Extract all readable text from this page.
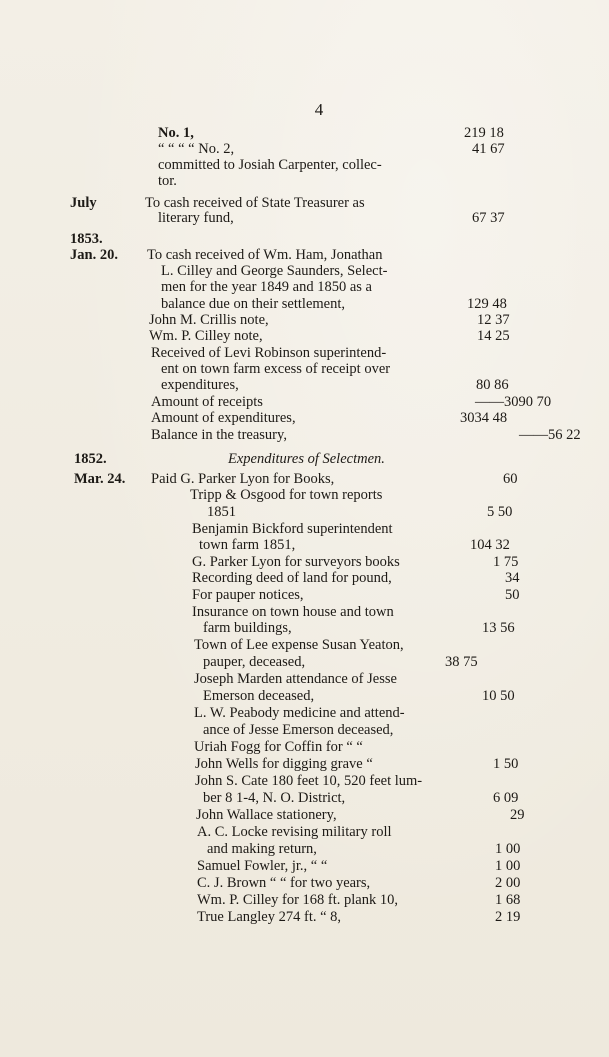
4
No. 1,
“ “ “ “ No. 2,
committed to Josiah Carpenter, collec-
tor.
July	To cash received of State Treasurer as
literary fund,
1853.
Jan. 20. To cash received of Wm. Ham, Jonathan
L. Cilley and George Saunders, Select-
men for the year 1849 and 1850 as a
balance due on their settlement,
John M. Crillis note,
Wm. P. Cilley note,
Received of Levi Robinson superintend-
ent on town farm excess of receipt over
expenditures,
Amount of receipts
Amount of expenditures,
Balance in the treasury,
1852.	Expenditures of Selectmen.
Mar. 24. Paid G. Parker Lyon for Books,
Tripp & Osgood for town reports
1851
Benjamin Bickford superintendent
town farm 1851,
G. Parker Lyon for surveyors books
Recording deed of land for pound,
For pauper notices,
Insurance on town house and town
farm buildings,
Town of Lee expense Susan Yeaton,
pauper, deceased,
Joseph Marden attendance of Jesse
Emerson deceased,
L. W. Peabody medicine and attend-
ance of Jesse Emerson deceased,
Uriah Fogg for Coffin for “ “
John Wells for digging grave “
John S. Cate 180 feet 10, 520 feet lum-
ber 8 1-4, N. O. District,
John Wallace stationery,
A. C. Locke revising military roll
and making return,
Samuel Fowler, jr., “ “
C. J. Brown “ “ for two years,
Wm. P. Cilley for 168 ft. plank 10,
True Langley 274 ft. “ 8,
219 18
41 67
67 37
129 48
12 37
14 25
80 86
——3090 70
3034 48
——56 22
60
5 50
104 32
1 75
34
50
13 56
38 75
10 50
1 50
6 09
29
1 00
1 00
2 00
1 68
2 19
